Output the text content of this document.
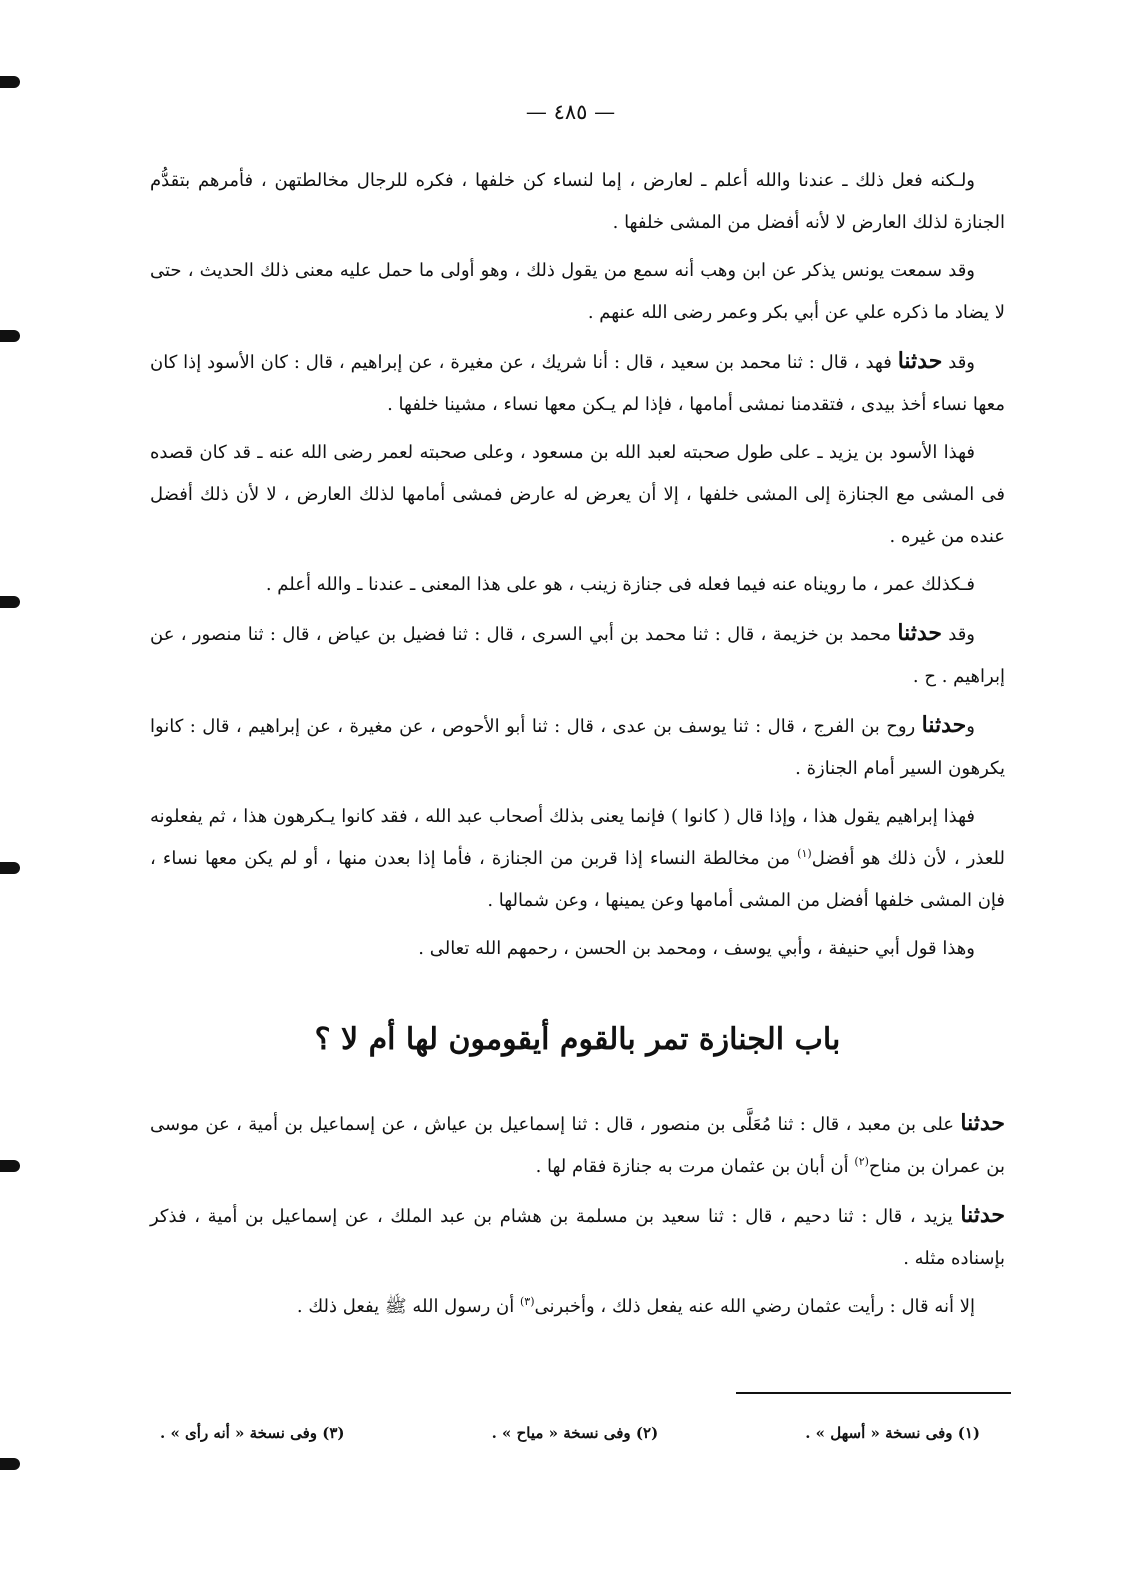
— ٤٨٥ —

ولـكنه فعل ذلك ـ عندنا والله أعلم ـ لعارض ، إما لنساء كن خلفها ، فكره للرجال مخالطتهن ، فأمرهم بتقدُّم الجنازة لذلك العارض لا لأنه أفضل من المشى خلفها .

وقد سمعت يونس يذكر عن ابن وهب أنه سمع من يقول ذلك ، وهو أولى ما حمل عليه معنى ذلك الحديث ، حتى لا يضاد ما ذكره علي عن أبي بكر وعمر رضى الله عنهم .

وقد حدثنا فهد ، قال : ثنا محمد بن سعيد ، قال : أنا شريك ، عن مغيرة ، عن إبراهيم ، قال : كان الأسود إذا كان معها نساء أخذ بيدى ، فتقدمنا نمشى أمامها ، فإذا لم يـكن معها نساء ، مشينا خلفها .

فهذا الأسود بن يزيد ـ على طول صحبته لعبد الله بن مسعود ، وعلى صحبته لعمر رضى الله عنه ـ قد كان قصده فى المشى مع الجنازة إلى المشى خلفها ، إلا أن يعرض له عارض فمشى أمامها لذلك العارض ، لا لأن ذلك أفضل عنده من غيره .

فـكذلك عمر ، ما رويناه عنه فيما فعله فى جنازة زينب ، هو على هذا المعنى ـ عندنا ـ والله أعلم .

وقد حدثنا محمد بن خزيمة ، قال : ثنا محمد بن أبي السرى ، قال : ثنا فضيل بن عياض ، قال : ثنا منصور ، عن إبراهيم . ح .

وحدثنا روح بن الفرج ، قال : ثنا يوسف بن عدى ، قال : ثنا أبو الأحوص ، عن مغيرة ، عن إبراهيم ، قال : كانوا يكرهون السير أمام الجنازة .

فهذا إبراهيم يقول هذا ، وإذا قال ( كانوا ) فإنما يعنى بذلك أصحاب عبد الله ، فقد كانوا يـكرهون هذا ، ثم يفعلونه للعذر ، لأن ذلك هو أفضل$^{(١)}$ من مخالطة النساء إذا قربن من الجنازة ، فأما إذا بعدن منها ، أو لم يكن معها نساء ، فإن المشى خلفها أفضل من المشى أمامها وعن يمينها ، وعن شمالها .

وهذا قول أبي حنيفة ، وأبي يوسف ، ومحمد بن الحسن ، رحمهم الله تعالى .

باب الجنازة تمر بالقوم أيقومون لها أم لا ؟

حدثنا على بن معبد ، قال : ثنا مُعَلَّى بن منصور ، قال : ثنا إسماعيل بن عياش ، عن إسماعيل بن أمية ، عن موسى بن عمران بن مناح$^{(٢)}$ أن أبان بن عثمان مرت به جنازة فقام لها .

حدثنا يزيد ، قال : ثنا دحيم ، قال : ثنا سعيد بن مسلمة بن هشام بن عبد الملك ، عن إسماعيل بن أمية ، فذكر بإسناده مثله .

إلا أنه قال : رأيت عثمان رضي الله عنه يفعل ذلك ، وأخبرنى$^{(٣)}$ أن رسول الله ﷺ يفعل ذلك .

(١) وفى نسخة « أسهل » .
(٢) وفى نسخة « مياح » .
(٣) وفى نسخة « أنه رأى » .
